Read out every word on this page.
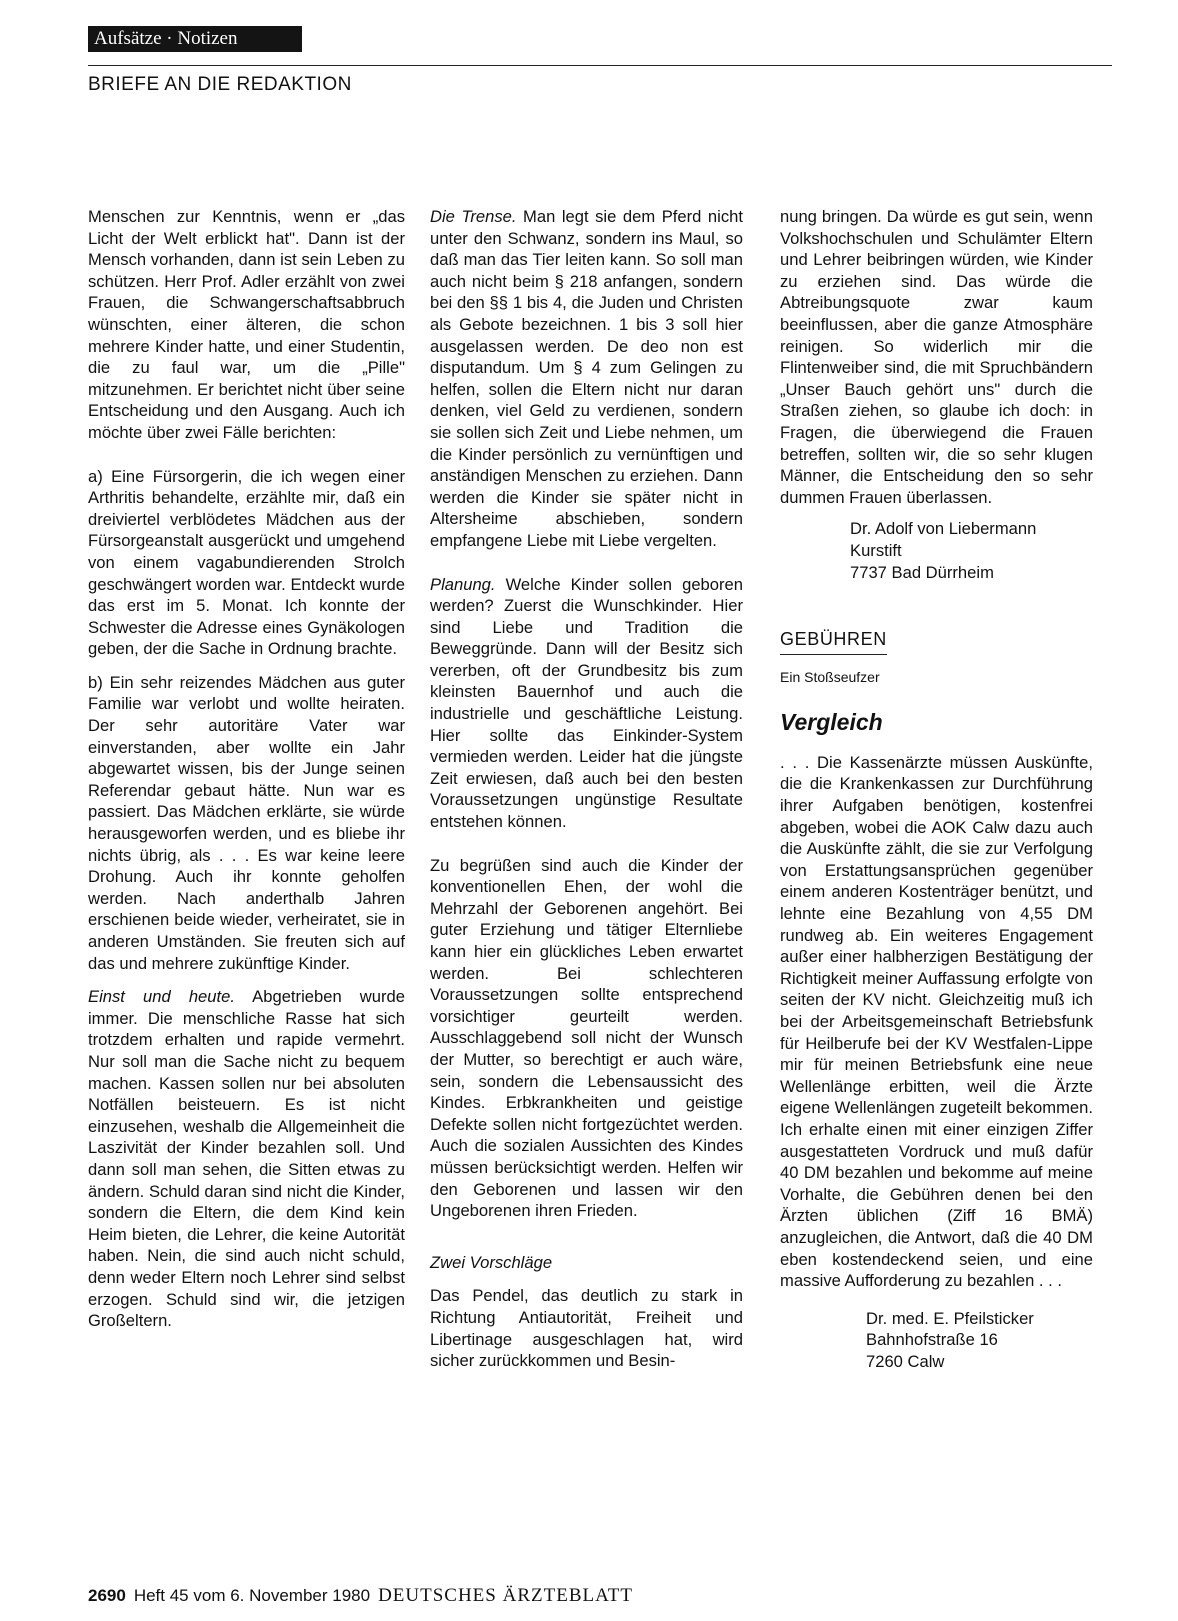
Aufsätze · Notizen
BRIEFE AN DIE REDAKTION

Menschen zur Kenntnis, wenn er „das Licht der Welt erblickt hat". Dann ist der Mensch vorhanden, dann ist sein Leben zu schützen. Herr Prof. Adler erzählt von zwei Frauen, die Schwangerschaftsabbruch wünschten, einer älteren, die schon mehrere Kinder hatte, und einer Studentin, die zu faul war, um die „Pille" mitzunehmen. Er berichtet nicht über seine Entscheidung und den Ausgang. Auch ich möchte über zwei Fälle berichten:

a) Eine Fürsorgerin, die ich wegen einer Arthritis behandelte, erzählte mir, daß ein dreiviertel verblödetes Mädchen aus der Fürsorgeanstalt ausgerückt und umgehend von einem vagabundierenden Strolch geschwängert worden war. Entdeckt wurde das erst im 5. Monat. Ich konnte der Schwester die Adresse eines Gynäkologen geben, der die Sache in Ordnung brachte.

b) Ein sehr reizendes Mädchen aus guter Familie war verlobt und wollte heiraten. Der sehr autoritäre Vater war einverstanden, aber wollte ein Jahr abgewartet wissen, bis der Junge seinen Referendar gebaut hätte. Nun war es passiert. Das Mädchen erklärte, sie würde herausgeworfen werden, und es bliebe ihr nichts übrig, als . . . Es war keine leere Drohung. Auch ihr konnte geholfen werden. Nach anderthalb Jahren erschienen beide wieder, verheiratet, sie in anderen Umständen. Sie freuten sich auf das und mehrere zukünftige Kinder.

Einst und heute. Abgetrieben wurde immer. Die menschliche Rasse hat sich trotzdem erhalten und rapide vermehrt. Nur soll man die Sache nicht zu bequem machen. Kassen sollen nur bei absoluten Notfällen beisteuern. Es ist nicht einzusehen, weshalb die Allgemeinheit die Laszivität der Kinder bezahlen soll. Und dann soll man sehen, die Sitten etwas zu ändern. Schuld daran sind nicht die Kinder, sondern die Eltern, die dem Kind kein Heim bieten, die Lehrer, die keine Autorität haben. Nein, die sind auch nicht schuld, denn weder Eltern noch Lehrer sind selbst erzogen. Schuld sind wir, die jetzigen Großeltern.

Die Trense. Man legt sie dem Pferd nicht unter den Schwanz, sondern ins Maul, so daß man das Tier leiten kann. So soll man auch nicht beim § 218 anfangen, sondern bei den §§ 1 bis 4, die Juden und Christen als Gebote bezeichnen. 1 bis 3 soll hier ausgelassen werden. De deo non est disputandum. Um § 4 zum Gelingen zu helfen, sollen die Eltern nicht nur daran denken, viel Geld zu verdienen, sondern sie sollen sich Zeit und Liebe nehmen, um die Kinder persönlich zu vernünftigen und anständigen Menschen zu erziehen. Dann werden die Kinder sie später nicht in Altersheime abschieben, sondern empfangene Liebe mit Liebe vergelten.

Planung. Welche Kinder sollen geboren werden? Zuerst die Wunschkinder. Hier sind Liebe und Tradition die Beweggründe. Dann will der Besitz sich vererben, oft der Grundbesitz bis zum kleinsten Bauernhof und auch die industrielle und geschäftliche Leistung. Hier sollte das Einkinder-System vermieden werden. Leider hat die jüngste Zeit erwiesen, daß auch bei den besten Voraussetzungen ungünstige Resultate entstehen können.

Zu begrüßen sind auch die Kinder der konventionellen Ehen, der wohl die Mehrzahl der Geborenen angehört. Bei guter Erziehung und tätiger Elternliebe kann hier ein glückliches Leben erwartet werden. Bei schlechteren Voraussetzungen sollte entsprechend vorsichtiger geurteilt werden. Ausschlaggebend soll nicht der Wunsch der Mutter, so berechtigt er auch wäre, sein, sondern die Lebensaussicht des Kindes. Erbkrankheiten und geistige Defekte sollen nicht fortgezüchtet werden. Auch die sozialen Aussichten des Kindes müssen berücksichtigt werden. Helfen wir den Geborenen und lassen wir den Ungeborenen ihren Frieden.

Zwei Vorschläge

Das Pendel, das deutlich zu stark in Richtung Antiautorität, Freiheit und Libertinage ausgeschlagen hat, wird sicher zurückkommen und Besin-

nung bringen. Da würde es gut sein, wenn Volkshochschulen und Schulämter Eltern und Lehrer beibringen würden, wie Kinder zu erziehen sind. Das würde die Abtreibungsquote zwar kaum beeinflussen, aber die ganze Atmosphäre reinigen. So widerlich mir die Flintenweiber sind, die mit Spruchbändern „Unser Bauch gehört uns" durch die Straßen ziehen, so glaube ich doch: in Fragen, die überwiegend die Frauen betreffen, sollten wir, die so sehr klugen Männer, die Entscheidung den so sehr dummen Frauen überlassen.

Dr. Adolf von Liebermann
Kurstift
7737 Bad Dürrheim
GEBÜHREN
Ein Stoßseufzer
Vergleich

. . . Die Kassenärzte müssen Auskünfte, die die Krankenkassen zur Durchführung ihrer Aufgaben benötigen, kostenfrei abgeben, wobei die AOK Calw dazu auch die Auskünfte zählt, die sie zur Verfolgung von Erstattungsansprüchen gegenüber einem anderen Kostenträger benützt, und lehnte eine Bezahlung von 4,55 DM rundweg ab. Ein weiteres Engagement außer einer halbherzigen Bestätigung der Richtigkeit meiner Auffassung erfolgte von seiten der KV nicht. Gleichzeitig muß ich bei der Arbeitsgemeinschaft Betriebsfunk für Heilberufe bei der KV Westfalen-Lippe mir für meinen Betriebsfunk eine neue Wellenlänge erbitten, weil die Ärzte eigene Wellenlängen zugeteilt bekommen. Ich erhalte einen mit einer einzigen Ziffer ausgestatteten Vordruck und muß dafür 40 DM bezahlen und bekomme auf meine Vorhalte, die Gebühren denen bei den Ärzten üblichen (Ziff 16 BMÄ) anzugleichen, die Antwort, daß die 40 DM eben kostendeckend seien, und eine massive Aufforderung zu bezahlen . . .

Dr. med. E. Pfeilsticker
Bahnhofstraße 16
7260 Calw
2690 Heft 45 vom 6. November 1980 DEUTSCHES ÄRZTEBLATT
